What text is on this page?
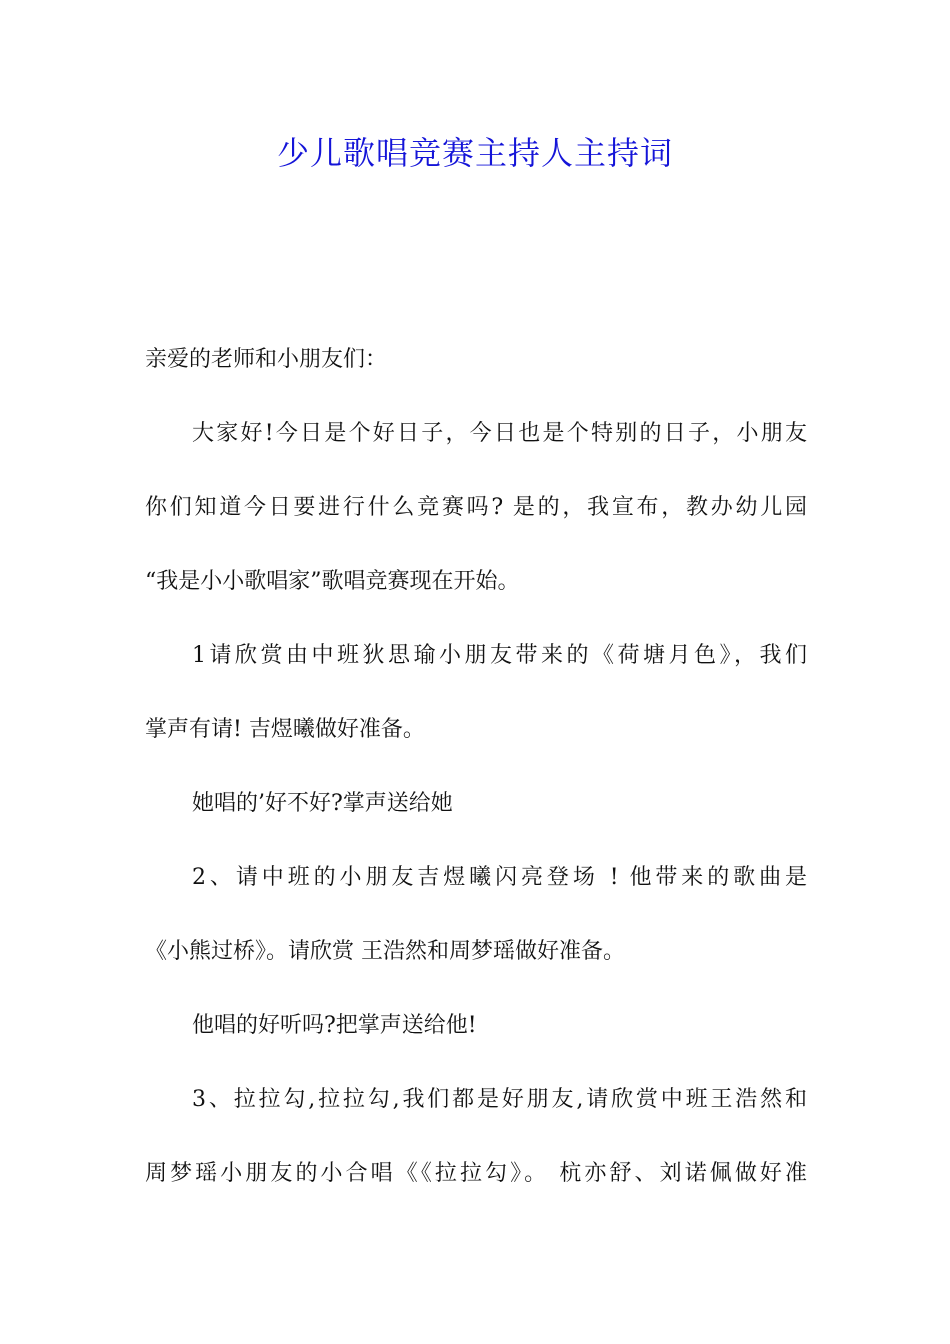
少儿歌唱竞赛主持人主持词
亲爱的老师和小朋友们：
大家好!今日是个好日子，今日也是个特别的日子，小朋友
你们知道今日要进行什么竞赛吗? 是的，我宣布，教办幼儿园
“我是小小歌唱家”歌唱竞赛现在开始。
1请欣赏由中班狄思瑜小朋友带来的《荷塘月色》，我们
掌声有请! 吉煜曦做好准备。
她唱的’好不好?掌声送给她
2、请中班的小朋友吉煜曦闪亮登场 ! 他带来的歌曲是
《小熊过桥》。请欣赏 王浩然和周梦瑶做好准备。
他唱的好听吗?把掌声送给他!
3、拉拉勾,拉拉勾,我们都是好朋友,请欣赏中班王浩然和
周梦瑶小朋友的小合唱《《拉拉勾》。 杭亦舒、刘诺佩做好准
